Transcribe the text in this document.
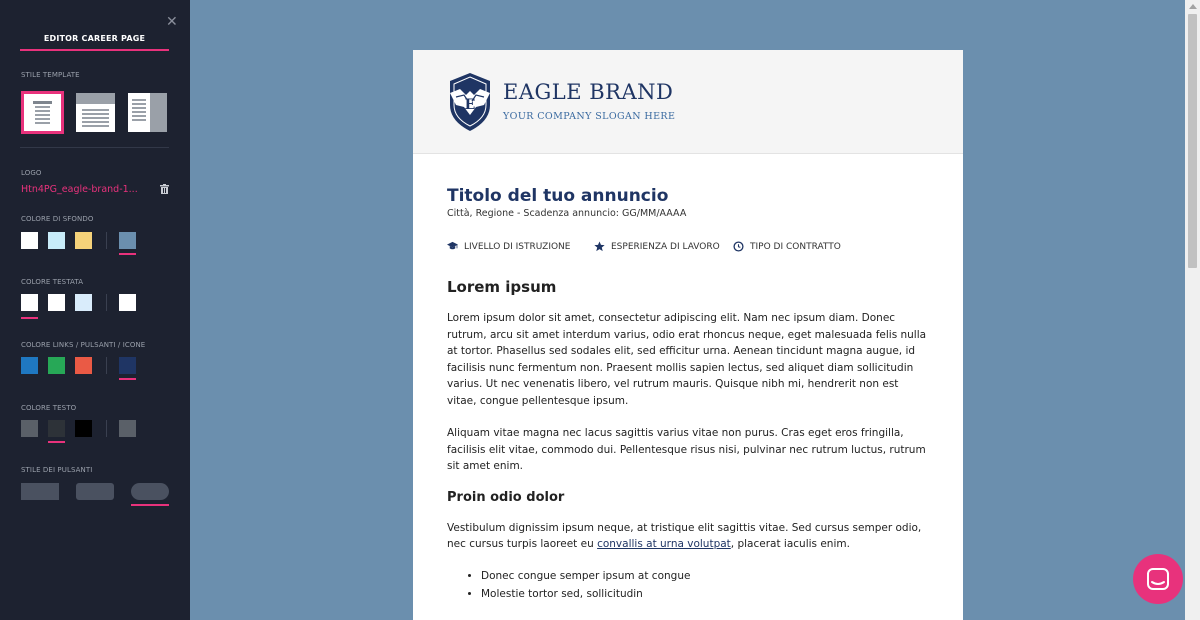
✕
EDITOR CAREER PAGE
STILE TEMPLATE
LOGO
Htn4PG_eagle-brand-1...
COLORE DI SFONDO
COLORE TESTATA
COLORE LINKS / PULSANTI / ICONE
COLORE TESTO
STILE DEI PULSANTI
E
EAGLE BRAND
YOUR COMPANY SLOGAN HERE
Titolo del tuo annuncio
Città, Regione - Scadenza annuncio: GG/MM/AAAA
LIVELLO DI ISTRUZIONE	ESPERIENZA DI LAVORO	TIPO DI CONTRATTO
Lorem ipsum

Lorem ipsum dolor sit amet, consectetur adipiscing elit. Nam nec ipsum diam. Donec rutrum, arcu sit amet interdum varius, odio erat rhoncus neque, eget malesuada felis nulla at tortor. Phasellus sed sodales elit, sed efficitur urna. Aenean tincidunt magna augue, id facilisis nunc fermentum non. Praesent mollis sapien lectus, sed aliquet diam sollicitudin varius. Ut nec venenatis libero, vel rutrum mauris. Quisque nibh mi, hendrerit non est vitae, congue pellentesque ipsum.

Aliquam vitae magna nec lacus sagittis varius vitae non purus. Cras eget eros fringilla, facilisis elit vitae, commodo dui. Pellentesque risus nisi, pulvinar nec rutrum luctus, rutrum sit amet enim.

Proin odio dolor

Vestibulum dignissim ipsum neque, at tristique elit sagittis vitae. Sed cursus semper odio, nec cursus turpis laoreet eu convallis at urna volutpat, placerat iaculis enim.

• Donec congue semper ipsum at congue
• Molestie tortor sed, sollicitudin
